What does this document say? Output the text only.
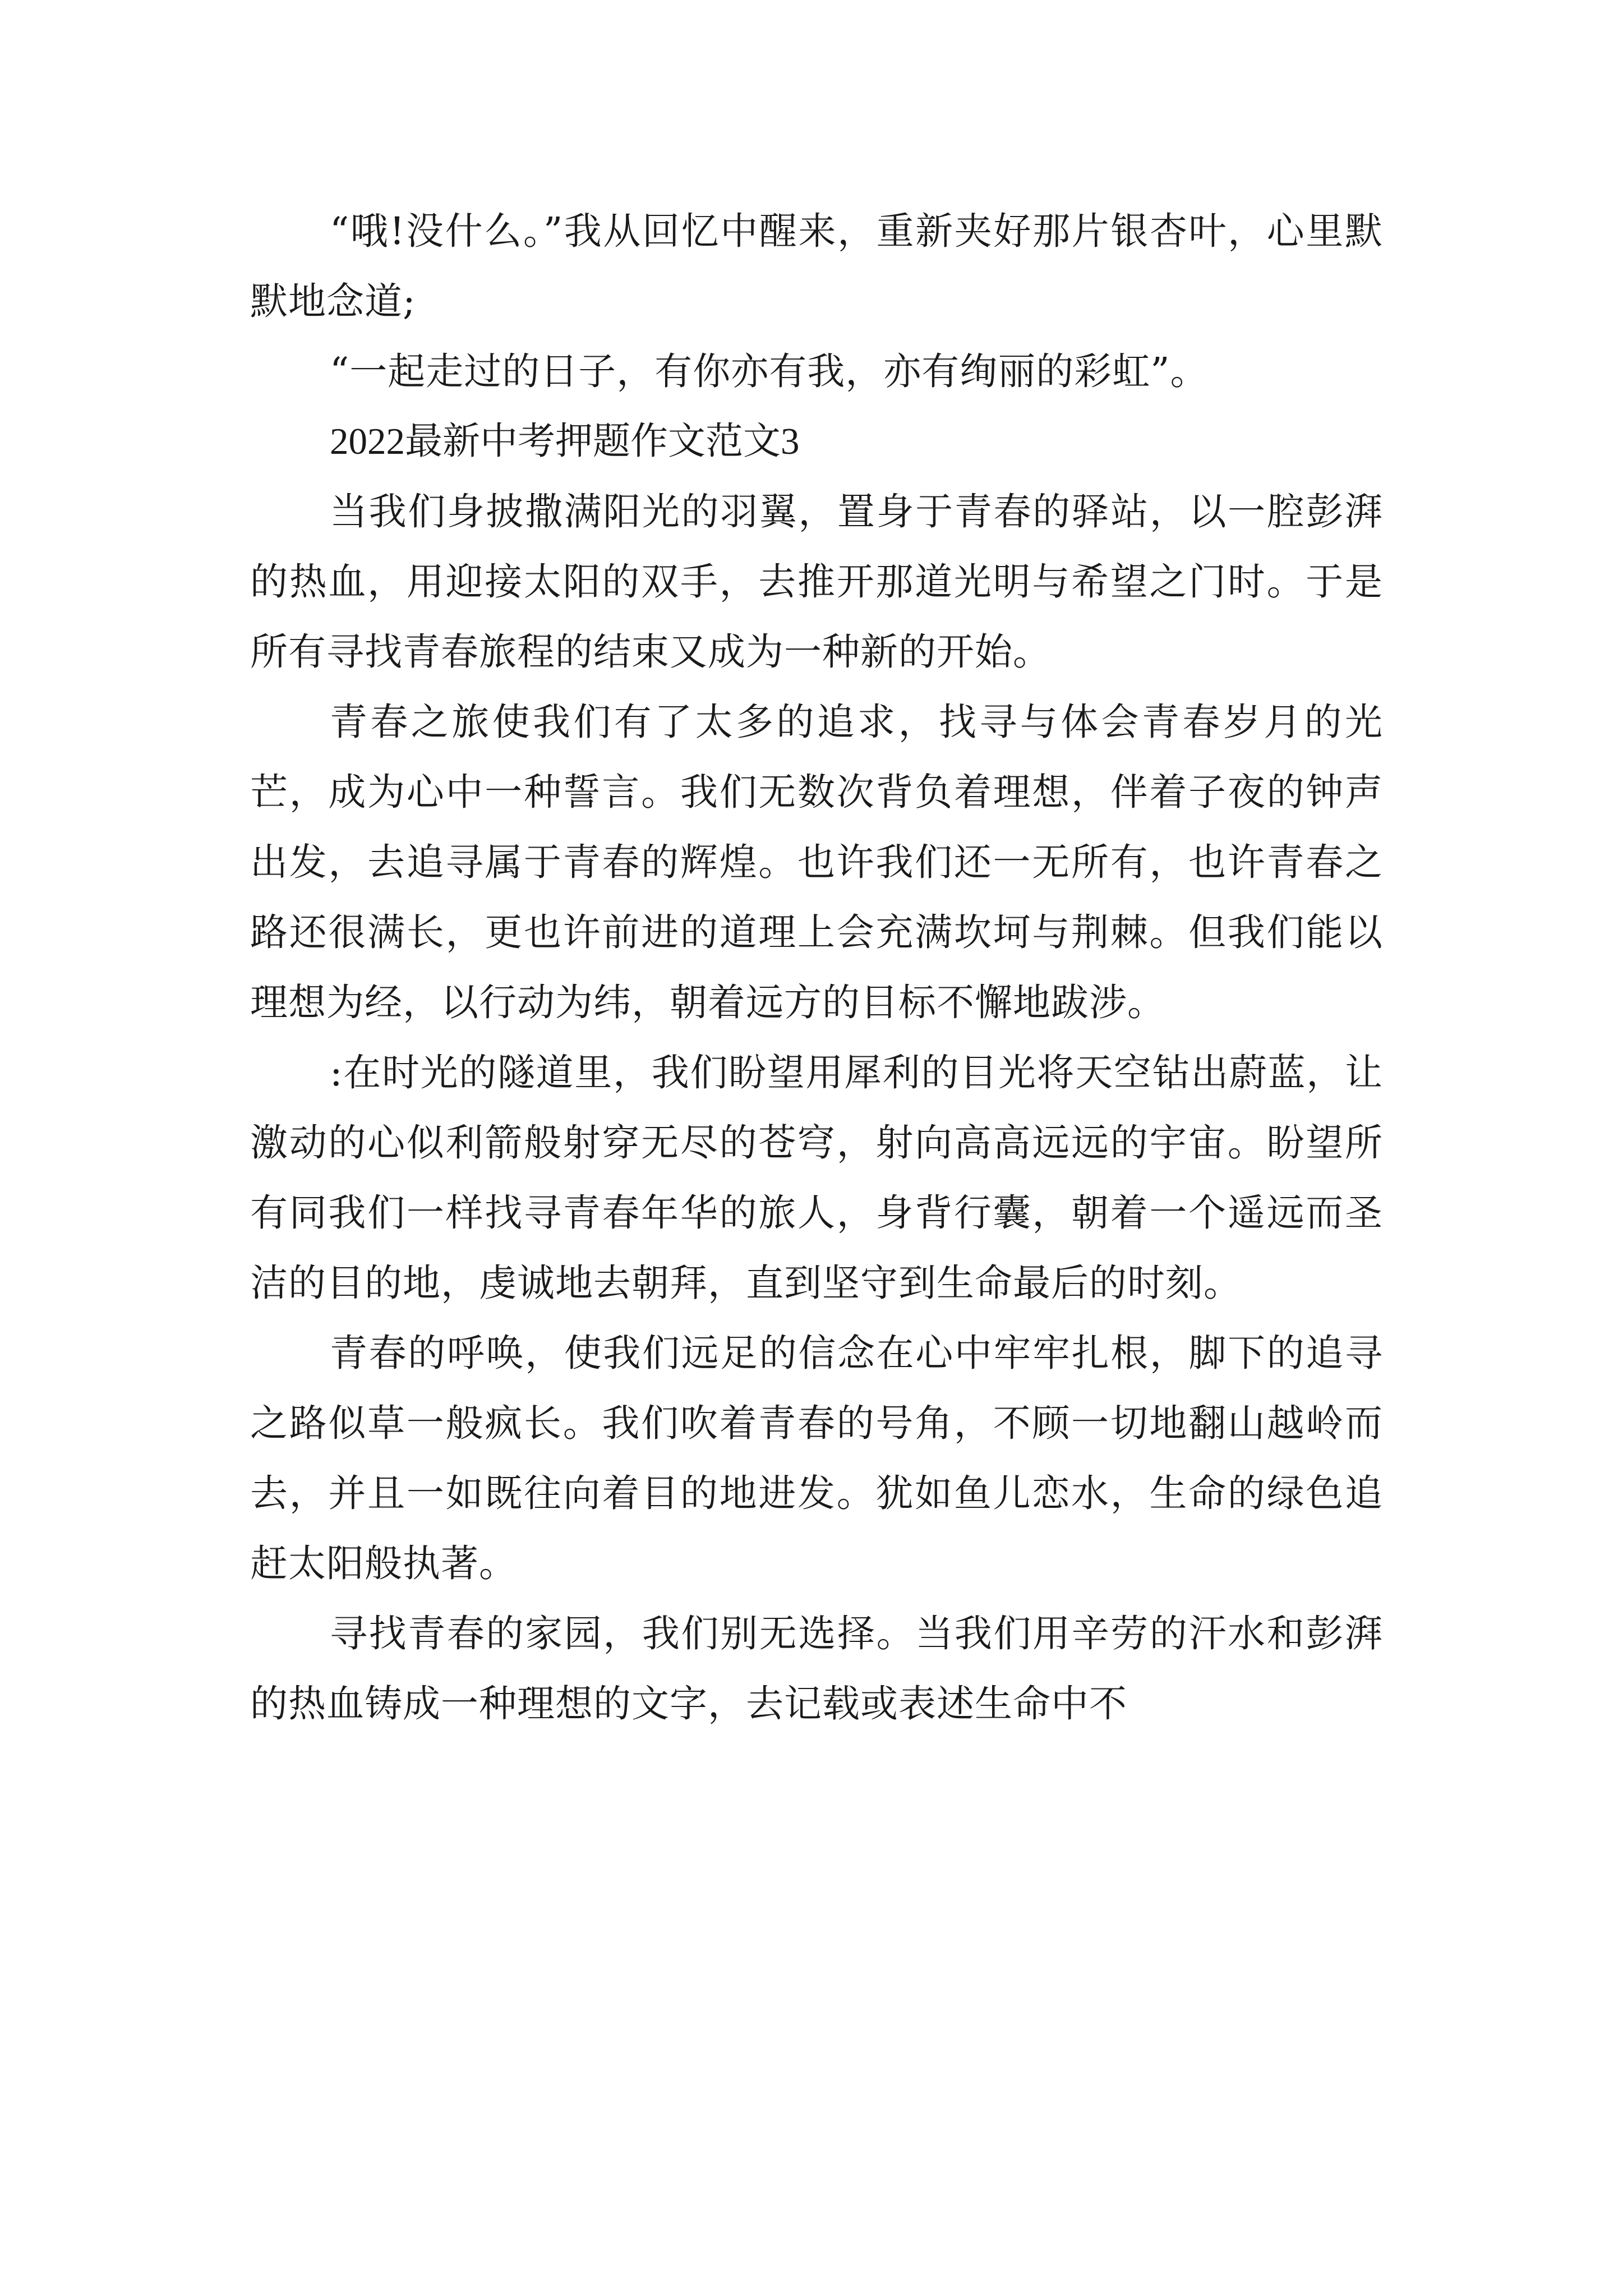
“哦!没什么。”我从回忆中醒来，重新夹好那片银杏叶，心里默默地念道;

“一起走过的日子，有你亦有我，亦有绚丽的彩虹”。

2022最新中考押题作文范文3

当我们身披撒满阳光的羽翼，置身于青春的驿站，以一腔彭湃的热血，用迎接太阳的双手，去推开那道光明与希望之门时。于是所有寻找青春旅程的结束又成为一种新的开始。

青春之旅使我们有了太多的追求，找寻与体会青春岁月的光芒，成为心中一种誓言。我们无数次背负着理想，伴着子夜的钟声出发，去追寻属于青春的辉煌。也许我们还一无所有，也许青春之路还很满长，更也许前进的道理上会充满坎坷与荆棘。但我们能以理想为经，以行动为纬，朝着远方的目标不懈地跋涉。

:在时光的隧道里，我们盼望用犀利的目光将天空钻出蔚蓝，让激动的心似利箭般射穿无尽的苍穹，射向高高远远的宇宙。盼望所有同我们一样找寻青春年华的旅人，身背行囊，朝着一个遥远而圣洁的目的地，虔诚地去朝拜，直到坚守到生命最后的时刻。

青春的呼唤，使我们远足的信念在心中牢牢扎根，脚下的追寻之路似草一般疯长。我们吹着青春的号角，不顾一切地翻山越岭而去，并且一如既往向着目的地进发。犹如鱼儿恋水，生命的绿色追赶太阳般执著。

寻找青春的家园，我们别无选择。当我们用辛劳的汗水和彭湃的热血铸成一种理想的文字，去记载或表述生命中不
